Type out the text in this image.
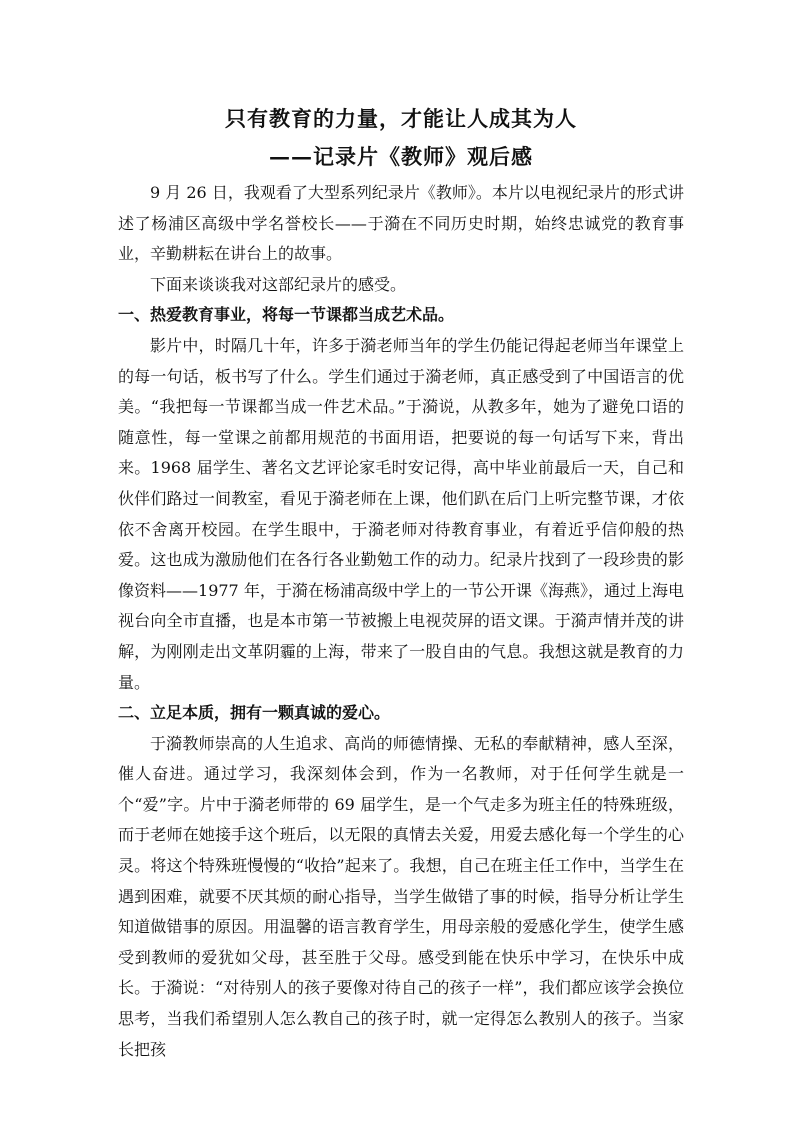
只有教育的力量，才能让人成其为人
——记录片《教师》观后感

9 月 26 日，我观看了大型系列纪录片《教师》。本片以电视纪录片的形式讲述了杨浦区高级中学名誉校长——于漪在不同历史时期，始终忠诚党的教育事业，辛勤耕耘在讲台上的故事。

下面来谈谈我对这部纪录片的感受。

一、热爱教育事业，将每一节课都当成艺术品。

影片中，时隔几十年，许多于漪老师当年的学生仍能记得起老师当年课堂上的每一句话，板书写了什么。学生们通过于漪老师，真正感受到了中国语言的优美。“我把每一节课都当成一件艺术品。”于漪说，从教多年，她为了避免口语的随意性，每一堂课之前都用规范的书面用语，把要说的每一句话写下来，背出来。1968 届学生、著名文艺评论家毛时安记得，高中毕业前最后一天，自己和伙伴们路过一间教室，看见于漪老师在上课，他们趴在后门上听完整节课，才依依不舍离开校园。在学生眼中，于漪老师对待教育事业，有着近乎信仰般的热爱。这也成为激励他们在各行各业勤勉工作的动力。纪录片找到了一段珍贵的影像资料——1977 年，于漪在杨浦高级中学上的一节公开课《海燕》，通过上海电视台向全市直播，也是本市第一节被搬上电视荧屏的语文课。于漪声情并茂的讲解，为刚刚走出文革阴霾的上海，带来了一股自由的气息。我想这就是教育的力量。

二、立足本质，拥有一颗真诚的爱心。

于漪教师崇高的人生追求、高尚的师德情操、无私的奉献精神，感人至深，催人奋进。通过学习，我深刻体会到，作为一名教师，对于任何学生就是一个“爱”字。片中于漪老师带的 69 届学生，是一个气走多为班主任的特殊班级，而于老师在她接手这个班后，以无限的真情去关爱，用爱去感化每一个学生的心灵。将这个特殊班慢慢的“收拾”起来了。我想，自己在班主任工作中，当学生在遇到困难，就要不厌其烦的耐心指导，当学生做错了事的时候，指导分析让学生知道做错事的原因。用温馨的语言教育学生，用母亲般的爱感化学生，使学生感受到教师的爱犹如父母，甚至胜于父母。感受到能在快乐中学习，在快乐中成长。于漪说：“对待别人的孩子要像对待自己的孩子一样”，我们都应该学会换位思考，当我们希望别人怎么教自己的孩子时，就一定得怎么教别人的孩子。当家长把孩
